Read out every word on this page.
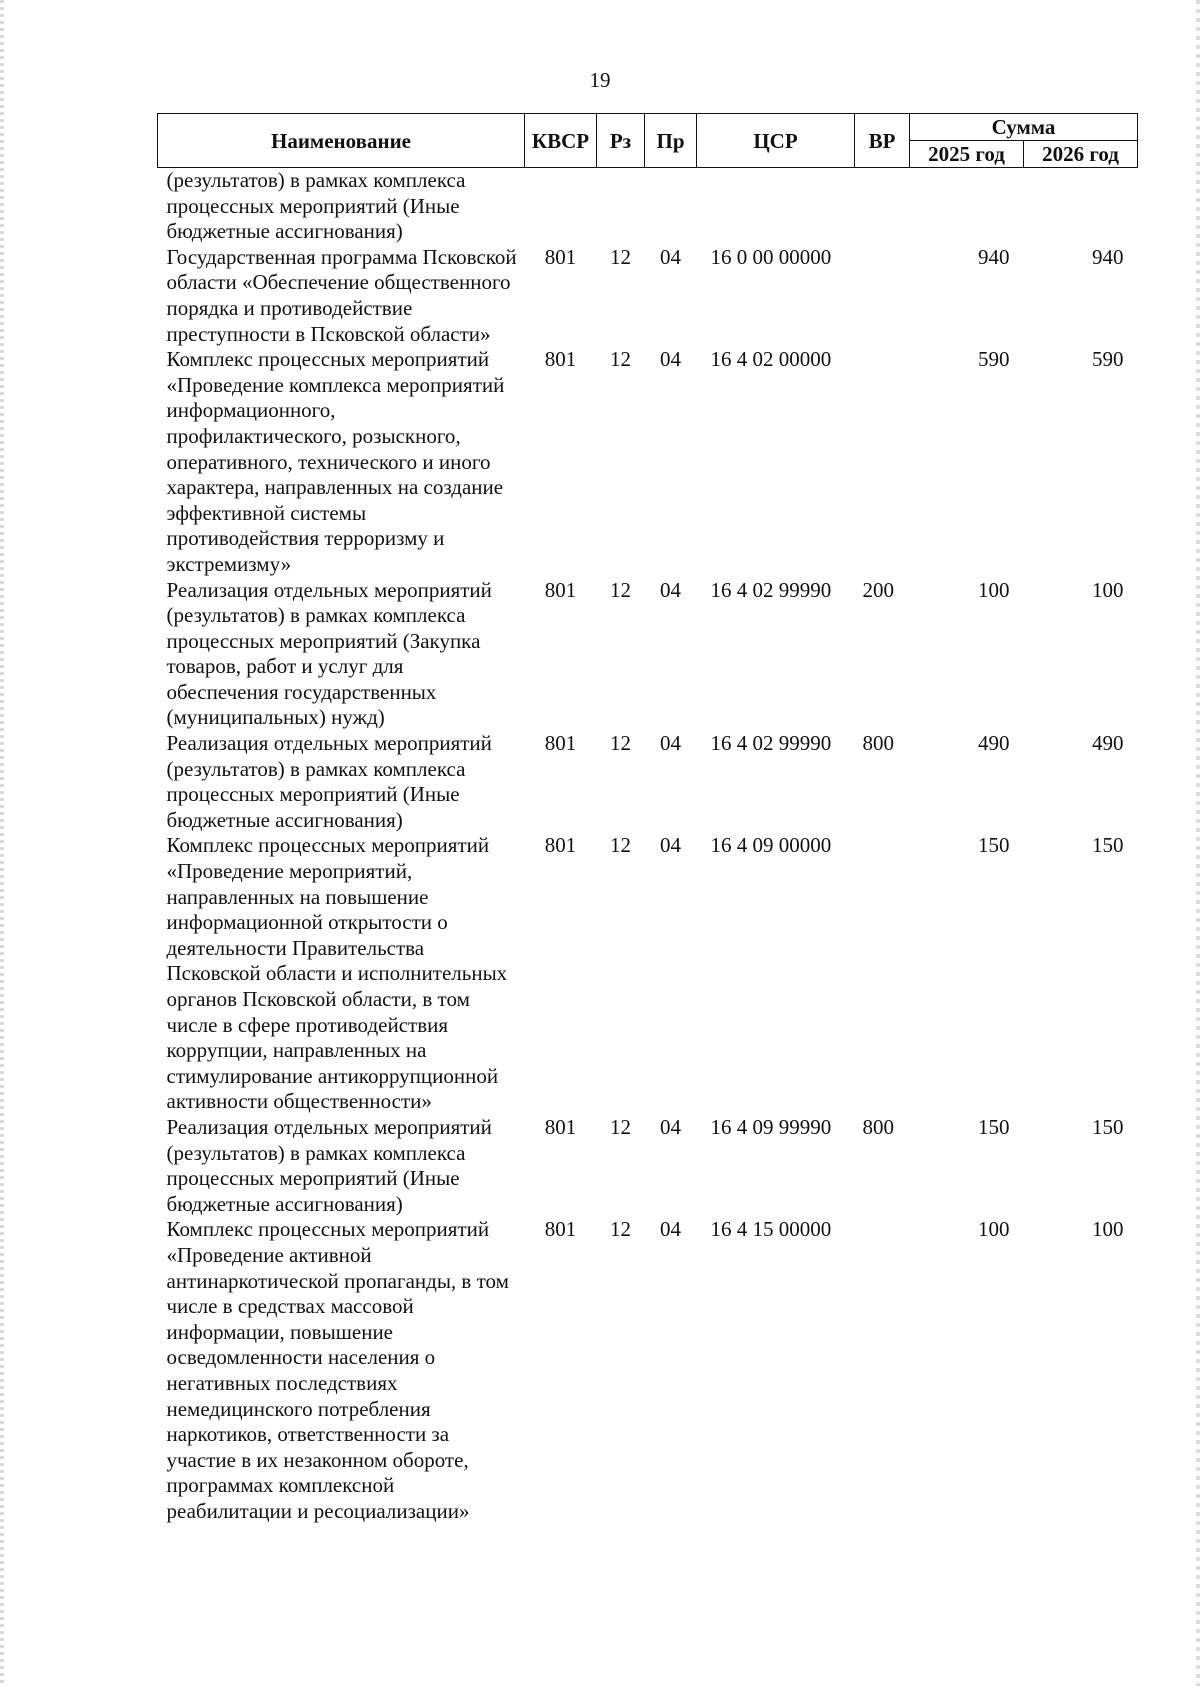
19
Наименование	КВСР	Рз	Пр	ЦСР	ВР	Сумма	
						2025 год	2026 год
(результатов) в рамках комплекса процессных мероприятий (Иные бюджетные ассигнования)							
Государственная программа Псковской области «Обеспечение общественного порядка и противодействие преступности в Псковской области»	801	12	04	16 0 00 00000		940	940
Комплекс процессных мероприятий «Проведение комплекса мероприятий информационного, профилактического, розыскного, оперативного, технического и иного характера, направленных на создание эффективной системы противодействия терроризму и экстремизму»	801	12	04	16 4 02 00000		590	590
Реализация отдельных мероприятий (результатов) в рамках комплекса процессных мероприятий (Закупка товаров, работ и услуг для обеспечения государственных (муниципальных) нужд)	801	12	04	16 4 02 99990	200	100	100
Реализация отдельных мероприятий (результатов) в рамках комплекса процессных мероприятий (Иные бюджетные ассигнования)	801	12	04	16 4 02 99990	800	490	490
Комплекс процессных мероприятий «Проведение мероприятий, направленных на повышение информационной открытости о деятельности Правительства Псковской области и исполнительных органов Псковской области, в том числе в сфере противодействия коррупции, направленных на стимулирование антикоррупционной активности общественности»	801	12	04	16 4 09 00000		150	150
Реализация отдельных мероприятий (результатов) в рамках комплекса процессных мероприятий (Иные бюджетные ассигнования)	801	12	04	16 4 09 99990	800	150	150
Комплекс процессных мероприятий «Проведение активной антинаркотической пропаганды, в том числе в средствах массовой информации, повышение осведомленности населения о негативных последствиях немедицинского потребления наркотиков, ответственности за участие в их незаконном обороте, программах комплексной реабилитации и ресоциализации»	801	12	04	16 4 15 00000		100	100
